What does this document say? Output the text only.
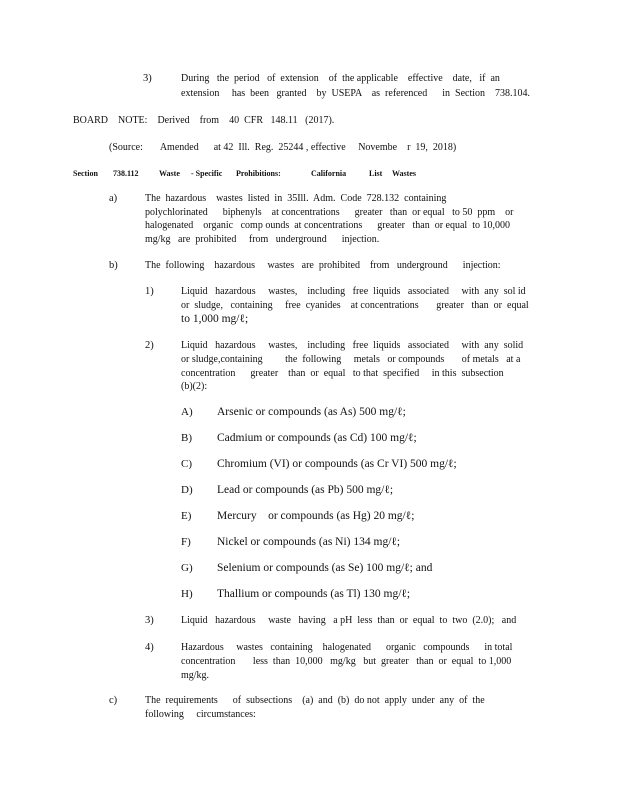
3)	During   the  period   of  extension    of  the applicable    effective    date,   if  an
extension     has  been   granted    by  USEPA    as  referenced      in  Section    738.104.
BOARD    NOTE:    Derived    from    40  CFR   148.11   (2017).
(Source:       Amended      at 42  Ill.  Reg.  25244 , effective     Novembe    r  19,  2018)
Section 738.112	Waste - Specific Prohibitions:	California	List Wastes
a)	The  hazardous    wastes  listed  in  35Ill.  Adm.  Code  728.132  containing
polychlorinated      biphenyls    at concentrations      greater   than  or equal   to 50  ppm    or
halogenated    organic   comp ounds  at concentrations      greater   than  or equal  to 10,000
mg/kg   are  prohibited     from   underground      injection.
b)	The  following    hazardous     wastes   are  prohibited    from   underground      injection:
1)	Liquid   hazardous     wastes,    including   free  liquids   associated     with  any  sol id
or  sludge,   containing     free  cyanides    at concentrations       greater   than  or  equal
to 1,000 mg/ℓ;
2)	Liquid   hazardous     wastes,    including   free  liquids   associated     with  any  solid
or sludge,containing         the  following     metals   or compounds       of metals   at a
concentration      greater    than  or  equal   to that  specified     in this  subsection
(b)(2):
A) Arsenic or compounds (as As) 500 mg/ℓ;
B) Cadmium or compounds (as Cd) 100 mg/ℓ;
C) Chromium (VI) or compounds (as Cr VI) 500 mg/ℓ;
D) Lead or compounds (as Pb) 500 mg/ℓ;
E) Mercury    or compounds (as Hg) 20 mg/ℓ;
F) Nickel or compounds (as Ni) 134 mg/ℓ;
G) Selenium or compounds (as Se) 100 mg/ℓ; and
H) Thallium or compounds (as Tl) 130 mg/ℓ;
3)	Liquid   hazardous     waste   having   a pH  less  than  or  equal  to  two  (2.0);   and
4)	Hazardous     wastes   containing    halogenated      organic   compounds      in total
concentration       less  than  10,000   mg/kg   but  greater   than  or  equal  to 1,000
mg/kg.
c)	The  requirements      of  subsections    (a)  and  (b)  do not  apply  under  any  of  the
following     circumstances:
